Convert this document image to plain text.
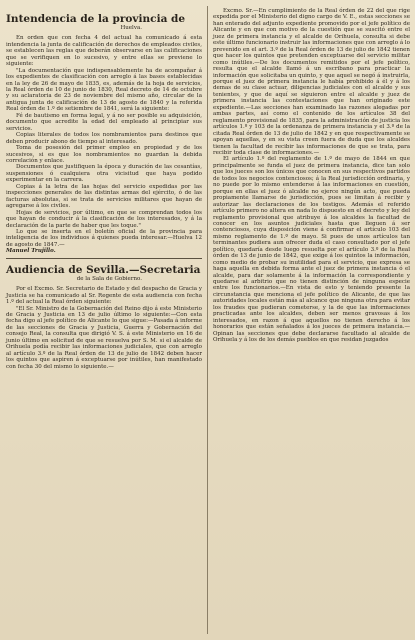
Intendencia de la provincia de
Huelva.

En orden que con fecha 4 del actual ha comunicado á esta intendencia la junta de calificación de derechos de empleados civiles, se establecen las reglas que deberán observarse en las calificaciones que se verifiquen en lo sucesivo, y entre ellas se previene lo siguiente:

"La documentación que indispensablemente ha de acompañar á los expedientes de clasificación con arreglo á las bases establecidas en la ley de 26 de mayo de 1835, es, además de la hoja de servicios, la Real órden de 10 de junio de 1830, Real decreto de 14 de octubre y su aclaratoria de 23 de noviembre del mismo año, circular de la antigua junta de calificación de 13 de agosto de 1840 y la referida Real órden de 1.º de setiembre de 1841, será la siguiente:

Fé de bautismo en forma legal, y á no ser posible su adquisición, documento que acredite la edad del empleado al principiar sus servicios.

Copias literales de todos los nombramientos para destinos que deben producir abono de tiempo al interesado.

Toma de posesión del primer empleo en propiedad y de los sucesivos, si es que los nombramientos no guardan la debida correlación y enlace.

Documentos que justifiquen la época y duración de las cesantías, suspensiones ó cualquiera otra vicisitud que haya podido experimentar en la carrera.

Copias á la letra de las hojas del servicio expedidas por las inspecciones generales de las distintas armas del ejército, ó de las facturas absolutas, si se trata de servicios militares que hayan de agregarse á los civiles.

Hojas de servicios, por último, en que se comprendan todos los que hayan de conducir á la clasificación de los interesados, y á la declaración de la parte de haber que les toque."

Lo que se inserta en el boletín oficial de la provincia para inteligencia de los individuos á quienes pueda interesar.—Huelva 12 de agosto de 1847.—

Manuel Trujillo.

Audiencia de Sevilla.—Secretaria
de la Sala de Gobierno.

Por el Excmo. Sr. Secretario de Estado y del despacho de Gracia y Justicia se ha comunicado al Sr. Regente de esta audiencia con fecha 1.º del actual la Real órden siguiente:

"El Sr. Ministro de la Gobernación del Reino dijo á este Ministerio de Gracia y Justicia en 13 de julio último lo siguiente:—Con esta fecha digo al jefe político de Alicante lo que sigue:—Pasada á informe de las secciones de Gracia y Justicia, Guerra y Gobernación del consejo Real, la consulta que dirigió V. S. á este Ministerio en 16 de junio último en solicitud de que se resuelva por S. M. si el alcalde de Orihuela podía recibir las informaciones judiciales, que con arreglo al artículo 3.º de la Real órden de 13 de julio de 1842 deben hacer los quintos que aspiren á exceptuarse por inútiles, han manifestado con fecha 30 del mismo lo siguiente.—

Excmo. Sr.—En cumplimiento de la Real órden de 22 del que rige expedida por el Ministerio del digno cargo de V. E., estas secciones se han enterado del adjunto expediente promovido por el jefe político de Alicante y en que con motivo de la cuestión que se suscitó entre el juez de primera instancia y el alcalde de Orihuela, consulta si debe este último funcionario instruir las informaciones que con arreglo á lo prevenido en el art. 3.º de la Real órden de 13 de julio de 1842 tienen que hacer los quintos que pretenden exceptuarse del servicio militar como inútiles.—De los documentos remitidos por el jefe político, resulta que el alcalde llamó á un escribano para practicar la información que solicitaba un quinto, y que aquel se negó á instruirla, porque el juez de primera instancia le había prohibido á él y á los demas de su clase actuar, diligencias judiciales con el alcalde y sus tenientes, y que de aquí se siguieron entre el alcalde y juez de primera instancia las contestaciones que han originado este expediente.—Las secciones han examinado las razones alegadas por ambas partes, así como el contenido de los artículos 38 del reglamento provisional de 1835, para la administración de justicia los artículos 1.º y 103 de la ordenanza de primera instancia y el 3.º de la citada Real órden de 13 de julio de 1842 y en que respectivamente se apoyan aquellas, y en su vista creen fuera de duda que los alcaldes tienen la facultad de recibir las informaciones de que se trata, para recibir toda clase de informaciones.—

El artículo 1.º del reglamento de 1.º de mayo de 1844 en que principalmente se funda el juez de primera instancia, dice tan solo que los jueces son los únicos que conocen en sus respectivos partidos de todos los negocios contenciosos; á la Real jurisdicción ordinaria, y no puede por lo mismo entenderse á las informaciones en cuestión, porque en ellas el juez ó alcalde no ejerce ningún acto, que pueda propiamente llamarse de jurisdicción, pues se limitan á recibir y autorizar las declaraciones de los testigos. Además el referido artículo primero no altera en nada lo dispuesto en el decreto y ley del reglamento provisional que atribuye á los alcaldes la facultad de conocer en los asuntos judiciales hasta que lleguen á ser contenciosos, cuya disposición viene á confirmar el artículo 103 del mismo reglamento de 1.º de mayo. Si pues de unos artículos tan terminantes pudiera aun ofrecer duda el caso consultado por el jefe político, quedaría desde luego resuelta por el artículo 3.º de la Real órden de 13 de junio de 1842, que exige á los quintos la información, como medio de probar su inutilidad para el servicio, que expresa se haga aquella en debida forma ante el juez de primera instancia ó el alcalde, para dar solamente á la información la correspondiente y quedarse al arbitrio que no tienen distinción de ninguna especie entre los funcionarios.—En vista de esto y teniendo presente la circunstancia que menciona el jefe político de Alicante, de que las autoridades locales están más al alcance que ninguna otra para evitar los fraudes que pudieran cometerse, y la de que las informaciones practicadas ante los alcaldes, deben ser menos gravosas á los interesados, en razon á que aquellos no tienen derecho á los honorarios que están señalados á los jueces de primera instancia.—Opinan las secciones que debe declararse facultado al alcalde de Orihuela y á los de los demás pueblos en que residan juzgados
